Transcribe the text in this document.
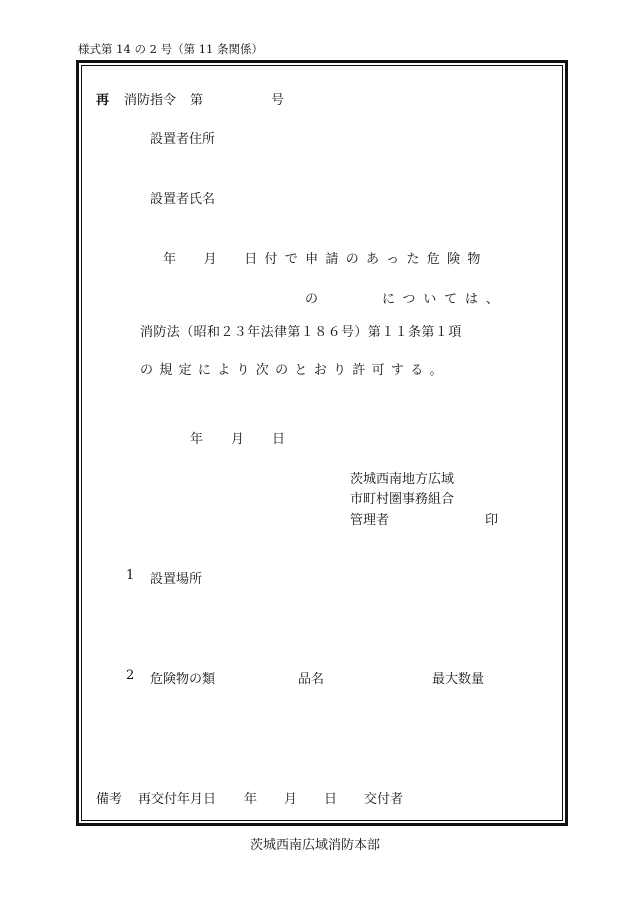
様式第 14 の 2 号（第 11 条関係）
再 消防指令 第	号
設置者住所
設置者氏名
年　月　日付で申請のあった危険物
の	については、
消防法（昭和２３年法律第１８６号）第１１条第１項
の規定により次のとおり許可する。
年 月 日
茨城西南地方広域
市町村圏事務組合
管理者	印
1 設置場所
2 危険物の類	品名	最大数量
備考 再交付年月日 年 月 日 交付者
茨城西南広域消防本部
